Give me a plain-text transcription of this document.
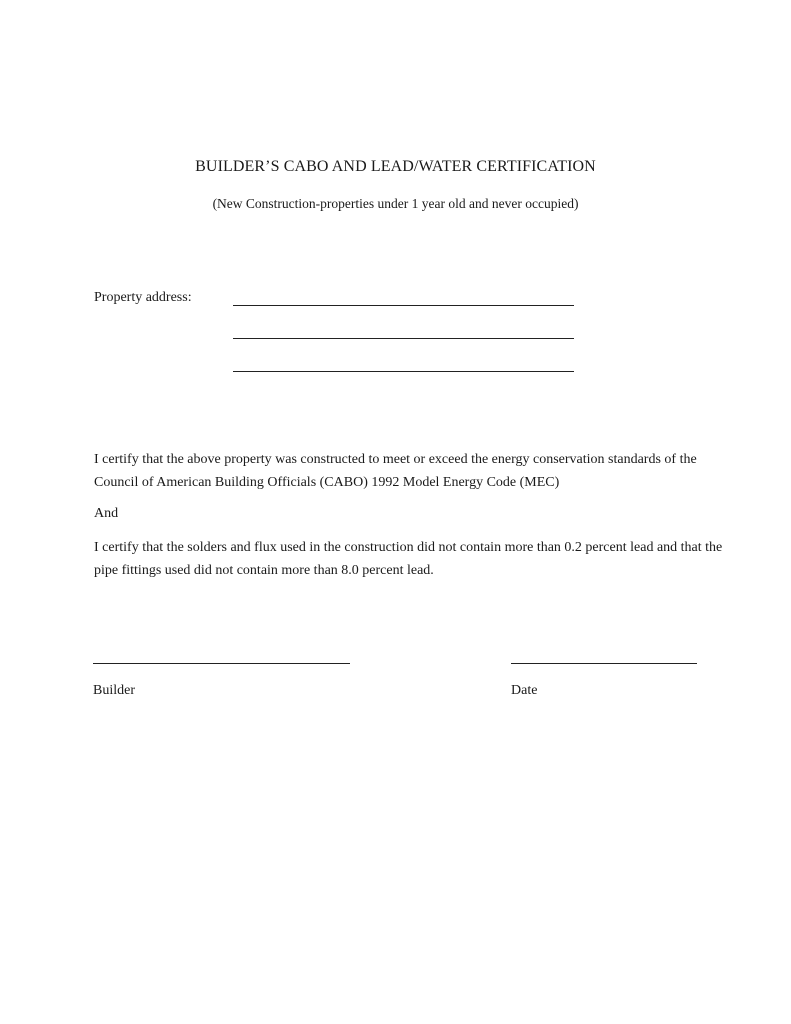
BUILDER’S CABO AND LEAD/WATER CERTIFICATION
(New Construction-properties under 1 year old and never occupied)
Property address:

I certify that the above property was constructed to meet or exceed the energy conservation standards of the Council of American Building Officials (CABO) 1992 Model Energy Code (MEC)

And

I certify that the solders and flux used in the construction did not contain more than 0.2 percent lead and that the pipe fittings used did not contain more than 8.0 percent lead.

Builder	Date
